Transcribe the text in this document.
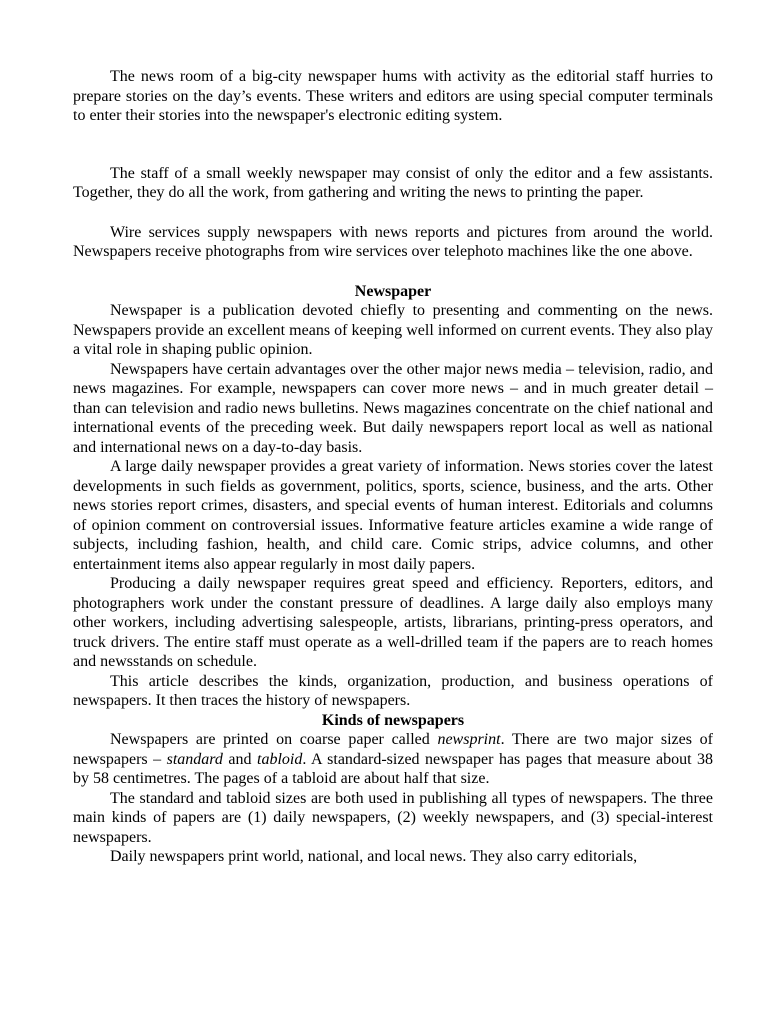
The news room of a big-city newspaper hums with activity as the editorial staff hurries to prepare stories on the day’s events. These writers and editors are using special computer terminals to enter their stories into the newspaper's electronic editing system.

The staff of a small weekly newspaper may consist of only the editor and a few assistants. Together, they do all the work, from gathering and writing the news to printing the paper.

Wire services supply newspapers with news reports and pictures from around the world. Newspapers receive photographs from wire services over telephoto machines like the one above.

Newspaper

Newspaper is a publication devoted chiefly to presenting and commenting on the news. Newspapers provide an excellent means of keeping well informed on current events. They also play a vital role in shaping public opinion.

Newspapers have certain advantages over the other major news media – television, radio, and news magazines. For example, newspapers can cover more news – and in much greater detail – than can television and radio news bulletins. News magazines concentrate on the chief national and international events of the preceding week. But daily newspapers report local as well as national and international news on a day-to-day basis.

A large daily newspaper provides a great variety of information. News stories cover the latest developments in such fields as government, politics, sports, science, business, and the arts. Other news stories report crimes, disasters, and special events of human interest. Editorials and columns of opinion comment on controversial issues. Informative feature articles examine a wide range of subjects, including fashion, health, and child care. Comic strips, advice columns, and other entertainment items also appear regularly in most daily papers.

Producing a daily newspaper requires great speed and efficiency. Reporters, editors, and photographers work under the constant pressure of deadlines. A large daily also employs many other workers, including advertising salespeople, artists, librarians, printing-press operators, and truck drivers. The entire staff must operate as a well-drilled team if the papers are to reach homes and newsstands on schedule.

This article describes the kinds, organization, production, and business operations of newspapers. It then traces the history of newspapers.

Kinds of newspapers

Newspapers are printed on coarse paper called newsprint. There are two major sizes of newspapers – standard and tabloid. A standard-sized newspaper has pages that measure about 38 by 58 centimetres. The pages of a tabloid are about half that size.

The standard and tabloid sizes are both used in publishing all types of newspapers. The three main kinds of papers are (1) daily newspapers, (2) weekly newspapers, and (3) special-interest newspapers.

Daily newspapers print world, national, and local news. They also carry editorials,
